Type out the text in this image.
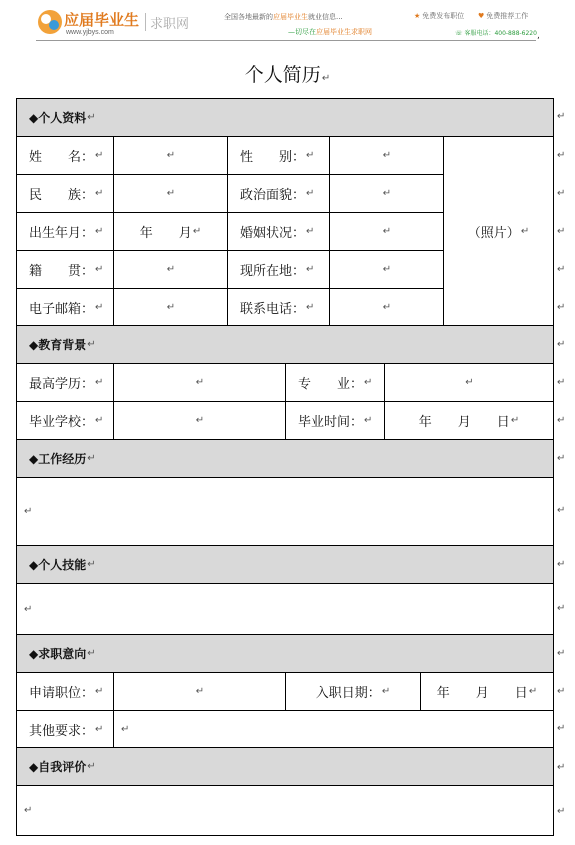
应届毕业生
www.yjbys.com
求职网	全国各地最新的应届毕业生就业信息...
—切尽在应届毕业生求职网
★ 免费发布职位 ♥ 免费推荐工作
☏ 客服电话：400-888-6220 ,
个人简历↵
◆ 个人资料 ↵
姓　　名： ↵	↵	性　　别： ↵	↵
民　　族： ↵	↵	政治面貌： ↵	↵
出生年月： ↵	年　　月 ↵	婚姻状况： ↵	↵
籍　　贯： ↵	↵	现所在地： ↵	↵
电子邮箱： ↵	↵	联系电话： ↵	↵
（照片） ↵
◆ 教育背景 ↵
最高学历： ↵	↵	专　　业： ↵	↵
毕业学校： ↵	↵	毕业时间： ↵	年　　月　　日 ↵
◆ 工作经历 ↵
↵
◆ 个人技能 ↵
↵
◆ 求职意向 ↵
申请职位： ↵	↵	入职日期： ↵	年　　月　　日 ↵
其他要求： ↵ ↵
◆ 自我评价 ↵
↵
↵
↵
↵
↵
↵
↵
↵
↵
↵
↵
↵
↵
↵
↵
↵
↵
↵
↵
